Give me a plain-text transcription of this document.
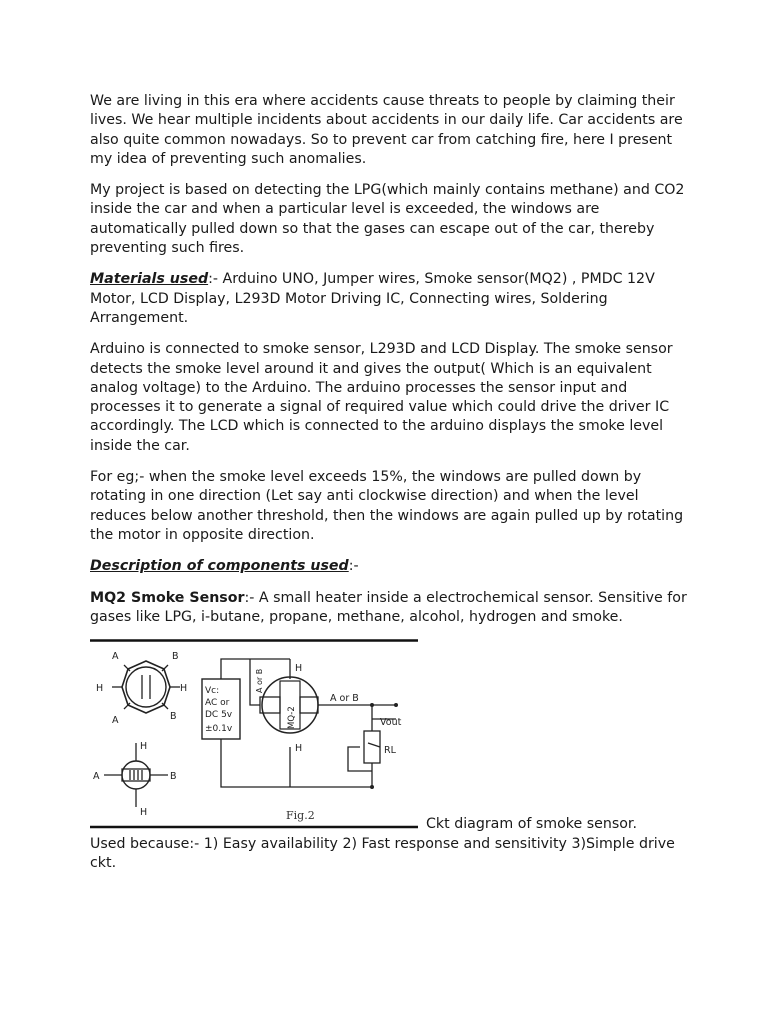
We are living in this era where accidents cause threats to people by claiming their lives. We hear multiple incidents about accidents in our daily life. Car accidents are also quite common nowadays. So to prevent car from catching fire, here I present my idea of preventing such anomalies.

My project is based on detecting the LPG(which mainly contains methane) and CO2 inside the car and when a particular level is exceeded, the windows are automatically pulled down so that the gases can escape out of the car, thereby preventing such fires.

Materials used:- Arduino UNO, Jumper wires, Smoke sensor(MQ2) , PMDC 12V Motor, LCD Display, L293D Motor Driving IC, Connecting wires, Soldering Arrangement.

Arduino is connected to smoke sensor, L293D and LCD Display. The smoke sensor detects the smoke level around it and gives the output( Which is an equivalent analog voltage) to the Arduino. The arduino processes the sensor input and processes it to generate a signal of required value which could drive the driver IC accordingly. The LCD which is connected to the arduino displays the smoke level inside the car.

For eg;- when the smoke level exceeds 15%, the windows are pulled down by rotating in one direction (Let say anti clockwise direction) and when the level reduces below another threshold, then the windows are again pulled up by rotating the motor in opposite direction.

Description of components used:-

MQ2 Smoke Sensor:- A small heater inside a electrochemical sensor. Sensitive for gases like LPG, i-butane, propane, methane, alcohol, hydrogen and smoke.

A	B
H	H
A	B
H
A	B
H
Vc:
AC or
DC 5v
±0.1v	MQ-2
A or B
H
H
A or B
Vout
RL
Fig.2
Ckt diagram of smoke sensor.

Used because:- 1) Easy availability 2) Fast response and sensitivity 3)Simple drive ckt.
